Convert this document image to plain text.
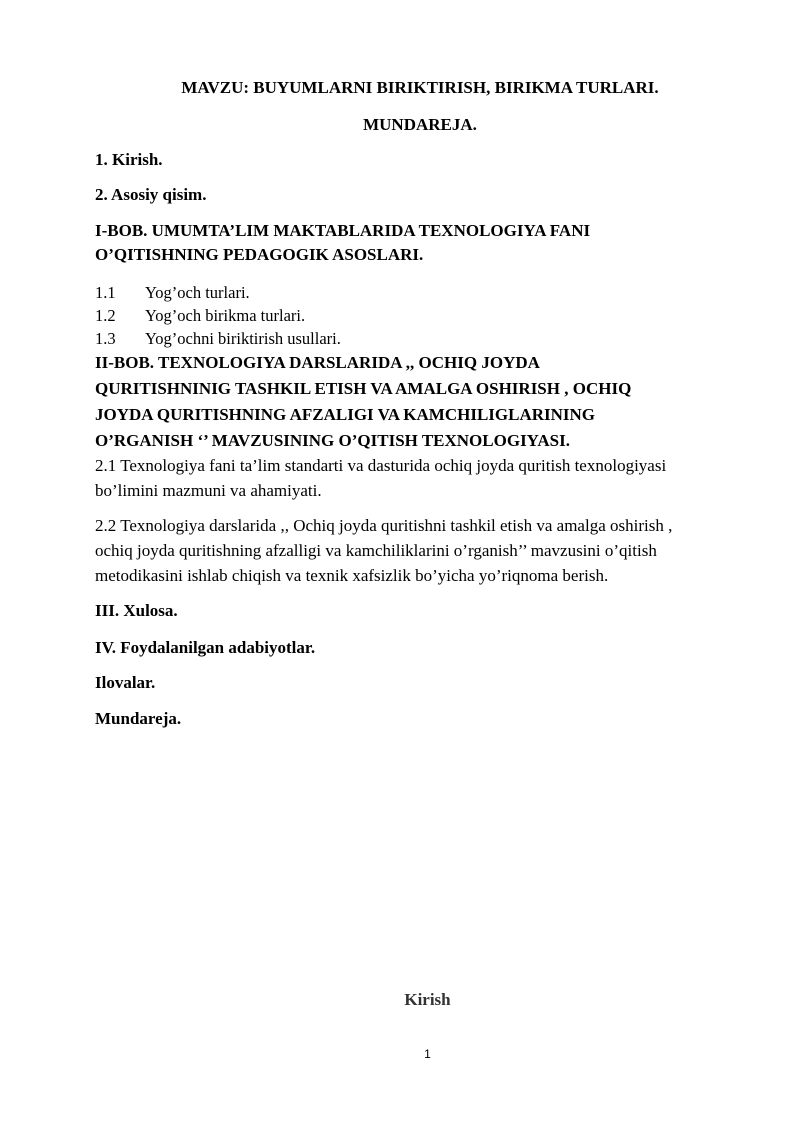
MAVZU: BUYUMLARNI BIRIKTIRISH, BIRIKMA TURLARI.
MUNDAREJA.
1. Kirish.
2. Asosiy qisim.
I-BOB. UMUMTA’LIM MAKTABLARIDA TEXNOLOGIYA FANI
O’QITISHNING PEDAGOGIK ASOSLARI.
1.1 Yog’och turlari.
1.2 Yog’och birikma turlari.
1.3 Yog’ochni biriktirish usullari.
II-BOB. TEXNOLOGIYA DARSLARIDA ,, OCHIQ JOYDA
QURITISHNINIG TASHKIL ETISH VA AMALGA OSHIRISH , OCHIQ
JOYDA QURITISHNING AFZALIGI VA KAMCHILIGLARINING
O’RGANISH ‘’ MAVZUSINING O’QITISH TEXNOLOGIYASI.
2.1 Texnologiya fani ta’lim standarti va dasturida ochiq joyda quritish texnologiyasi
bo’limini mazmuni va ahamiyati.
2.2 Texnologiya darslarida ,, Ochiq joyda quritishni tashkil etish va amalga oshirish ,
ochiq joyda quritishning afzalligi va kamchiliklarini o’rganish’’ mavzusini o’qitish
metodikasini ishlab chiqish va texnik xafsizlik bo’yicha yo’riqnoma berish.
III. Xulosa.
IV. Foydalanilgan adabiyotlar.
Ilovalar.
Mundareja.
Kirish
1
